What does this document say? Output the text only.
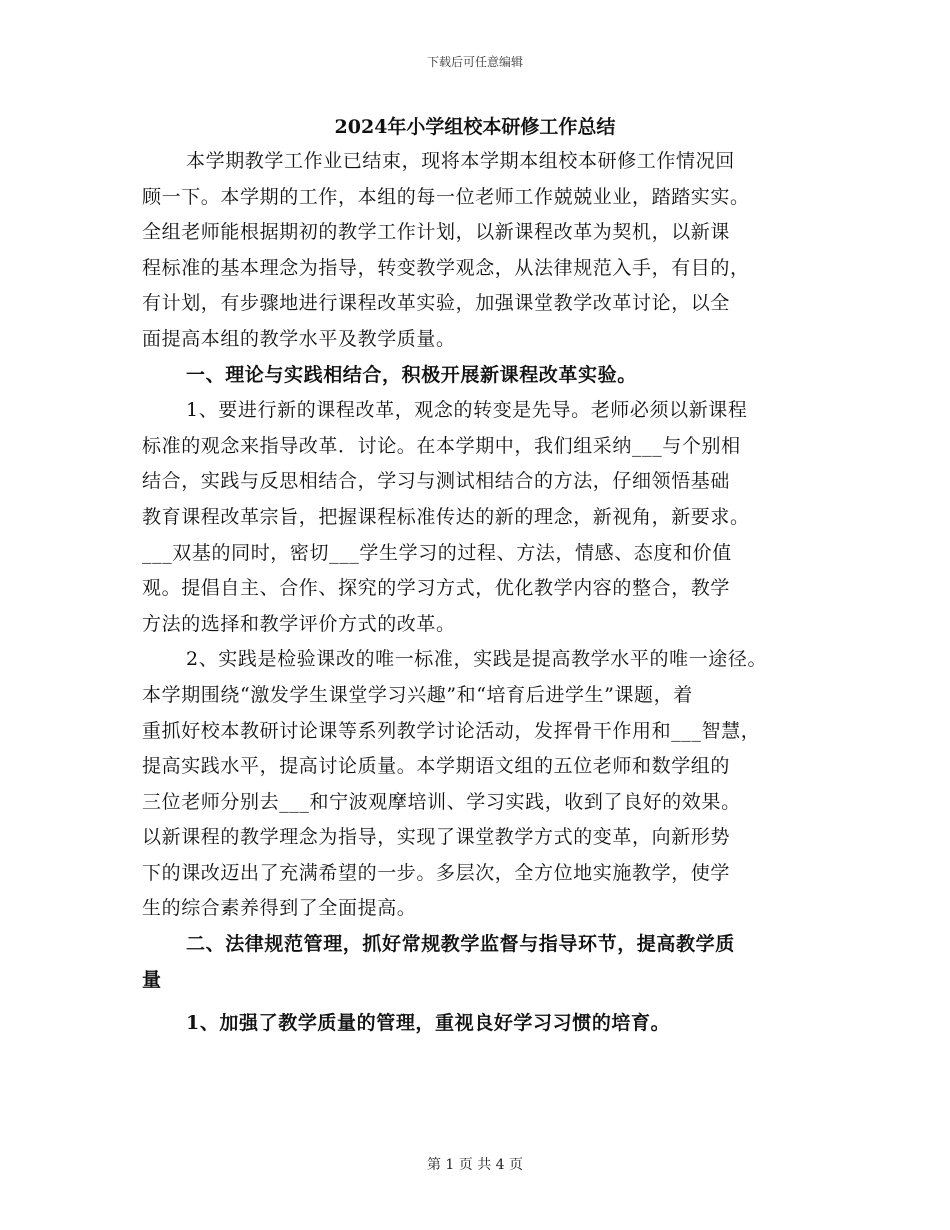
下载后可任意编辑
2024年小学组校本研修工作总结
本学期教学工作业已结束，现将本学期本组校本研修工作情况回
顾一下。本学期的工作，本组的每一位老师工作兢兢业业，踏踏实实。
全组老师能根据期初的教学工作计划，以新课程改革为契机，以新课
程标准的基本理念为指导，转变教学观念，从法律规范入手，有目的，
有计划，有步骤地进行课程改革实验，加强课堂教学改革讨论，以全
面提高本组的教学水平及教学质量。
一、理论与实践相结合，积极开展新课程改革实验。
1、要进行新的课程改革，观念的转变是先导。老师必须以新课程
标准的观念来指导改革．讨论。在本学期中，我们组采纳___与个别相
结合，实践与反思相结合，学习与测试相结合的方法，仔细领悟基础
教育课程改革宗旨，把握课程标准传达的新的理念，新视角，新要求。
___双基的同时，密切___学生学习的过程、方法，情感、态度和价值
观。提倡自主、合作、探究的学习方式，优化教学内容的整合，教学
方法的选择和教学评价方式的改革。
2、实践是检验课改的唯一标准，实践是提高教学水平的唯一途径。
本学期围绕“激发学生课堂学习兴趣”和“培育后进学生”课题，着
重抓好校本教研讨论课等系列教学讨论活动，发挥骨干作用和___智慧，
提高实践水平，提高讨论质量。本学期语文组的五位老师和数学组的
三位老师分别去___和宁波观摩培训、学习实践，收到了良好的效果。
以新课程的教学理念为指导，实现了课堂教学方式的变革，向新形势
下的课改迈出了充满希望的一步。多层次，全方位地实施教学，使学
生的综合素养得到了全面提高。
二、法律规范管理，抓好常规教学监督与指导环节，提高教学质
量
1、加强了教学质量的管理，重视良好学习习惯的培育。
第 1 页 共 4 页
